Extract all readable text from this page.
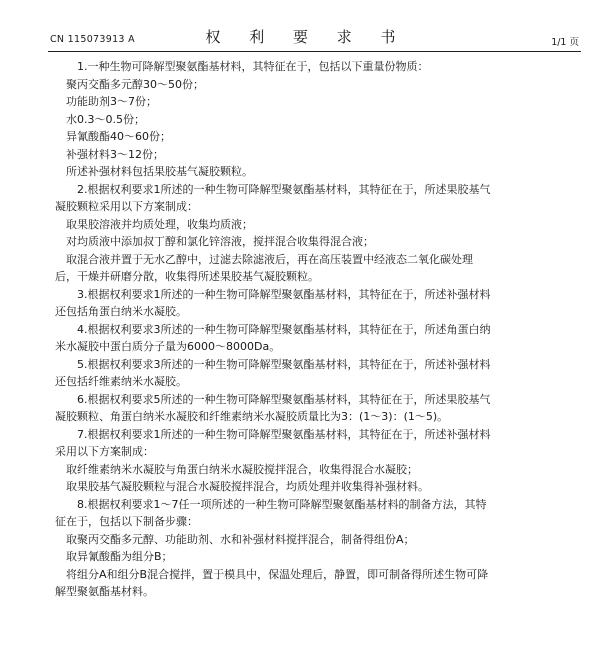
CN 115073913 A	权 利 要 求 书	1/1 页

1.一种生物可降解型聚氨酯基材料，其特征在于，包括以下重量份物质：

聚丙交酯多元醇30～50份；

功能助剂3～7份；

水0.3～0.5份；

异氰酸酯40～60份；

补强材料3～12份；

所述补强材料包括果胶基气凝胶颗粒。

2.根据权利要求1所述的一种生物可降解型聚氨酯基材料，其特征在于，所述果胶基气

凝胶颗粒采用以下方案制成：

取果胶溶液并均质处理，收集均质液；

对均质液中添加叔丁醇和氯化锌溶液，搅拌混合收集得混合液；

取混合液并置于无水乙醇中，过滤去除滤液后，再在高压装置中经液态二氧化碳处理

后，干燥并研磨分散，收集得所述果胶基气凝胶颗粒。

3.根据权利要求1所述的一种生物可降解型聚氨酯基材料，其特征在于，所述补强材料

还包括角蛋白纳米水凝胶。

4.根据权利要求3所述的一种生物可降解型聚氨酯基材料，其特征在于，所述角蛋白纳

米水凝胶中蛋白质分子量为6000～8000Da。

5.根据权利要求3所述的一种生物可降解型聚氨酯基材料，其特征在于，所述补强材料

还包括纤维素纳米水凝胶。

6.根据权利要求5所述的一种生物可降解型聚氨酯基材料，其特征在于，所述果胶基气

凝胶颗粒、角蛋白纳米水凝胶和纤维素纳米水凝胶质量比为3：(1～3)：(1～5)。

7.根据权利要求1所述的一种生物可降解型聚氨酯基材料，其特征在于，所述补强材料

采用以下方案制成：

取纤维素纳米水凝胶与角蛋白纳米水凝胶搅拌混合，收集得混合水凝胶；

取果胶基气凝胶颗粒与混合水凝胶搅拌混合，均质处理并收集得补强材料。

8.根据权利要求1～7任一项所述的一种生物可降解型聚氨酯基材料的制备方法，其特

征在于，包括以下制备步骤：

取聚丙交酯多元醇、功能助剂、水和补强材料搅拌混合，制备得组份A；

取异氰酸酯为组分B；

将组分A和组分B混合搅拌，置于模具中，保温处理后，静置，即可制备得所述生物可降

解型聚氨酯基材料。
